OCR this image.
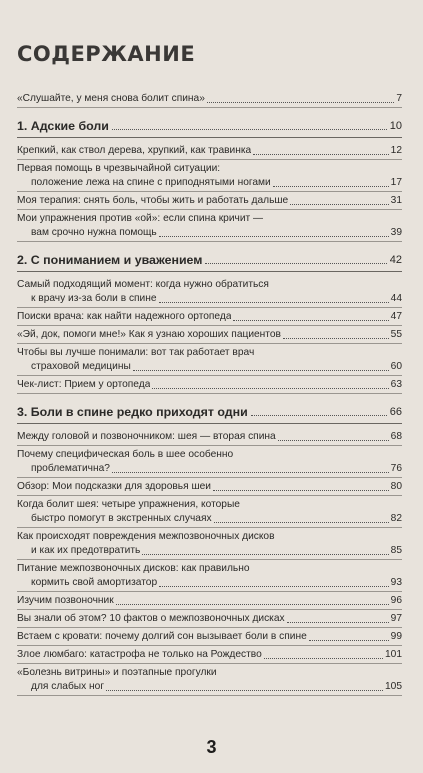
СОДЕРЖАНИЕ
«Слушайте, у меня снова болит спина»	7
1. Адские боли	10
Крепкий, как ствол дерева, хрупкий, как травинка	12
Первая помощь в чрезвычайной ситуации:
положение лежа на спине с приподнятыми ногами	17
Моя терапия: снять боль, чтобы жить и работать дальше	31
Мои упражнения против «ой»: если спина кричит —
вам срочно нужна помощь	39
2. С пониманием и уважением	42
Самый подходящий момент: когда нужно обратиться
к врачу из-за боли в спине	44
Поиски врача: как найти надежного ортопеда	47
«Эй, док, помоги мне!» Как я узнаю хороших пациентов	55
Чтобы вы лучше понимали: вот так работает врач
страховой медицины	60
Чек-лист: Прием у ортопеда	63
3. Боли в спине редко приходят одни	66
Между головой и позвоночником: шея — вторая спина	68
Почему специфическая боль в шее особенно
проблематична?	76
Обзор: Мои подсказки для здоровья шеи	80
Когда болит шея: четыре упражнения, которые
быстро помогут в экстренных случаях	82
Как происходят повреждения межпозвоночных дисков
и как их предотвратить	85
Питание межпозвоночных дисков: как правильно
кормить свой амортизатор	93
Изучим позвоночник	96
Вы знали об этом? 10 фактов о межпозвоночных дисках	97
Встаем с кровати: почему долгий сон вызывает боли в спине	99
Злое люмбаго: катастрофа не только на Рождество	101
«Болезнь витрины» и поэтапные прогулки
для слабых ног	105
3
